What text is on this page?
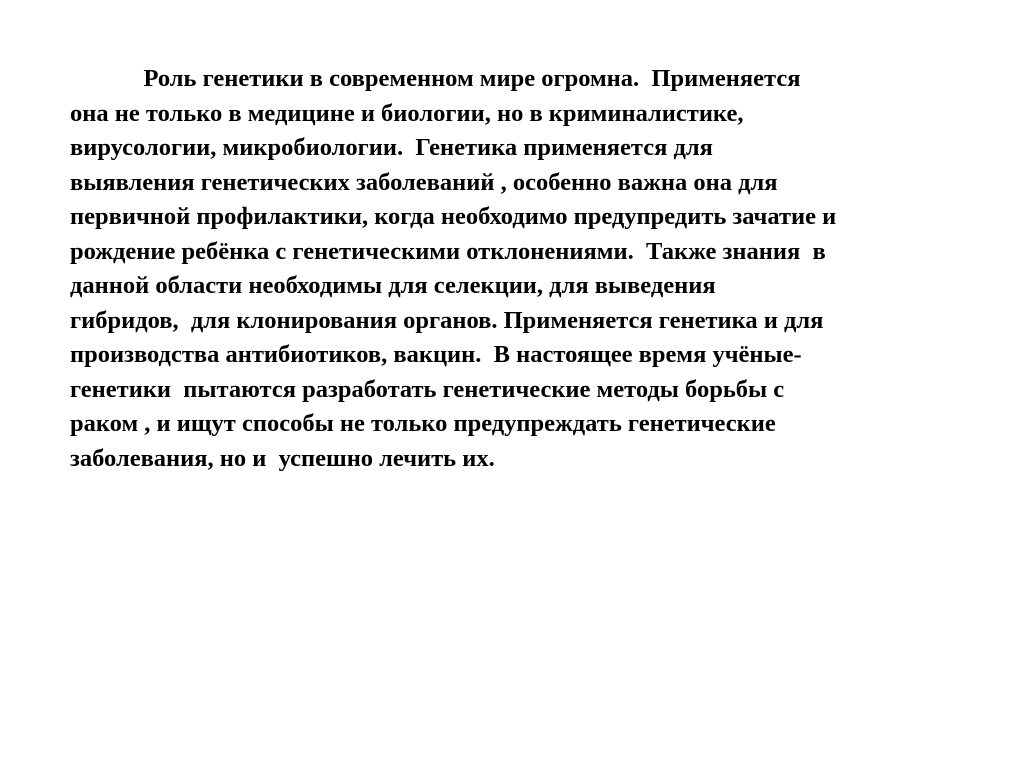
Роль генетики в современном мире огромна.  Применяется
она не только в медицине и биологии, но в криминалистике,
вирусологии, микробиологии.  Генетика применяется для
выявления генетических заболеваний , особенно важна она для
первичной профилактики, когда необходимо предупредить зачатие и
рождение ребёнка с генетическими отклонениями.  Также знания  в
данной области необходимы для селекции, для выведения
гибридов,  для клонирования органов. Применяется генетика и для
производства антибиотиков, вакцин.  В настоящее время учёные-
генетики  пытаются разработать генетические методы борьбы с
раком , и ищут способы не только предупреждать генетические
заболевания, но и  успешно лечить их.
